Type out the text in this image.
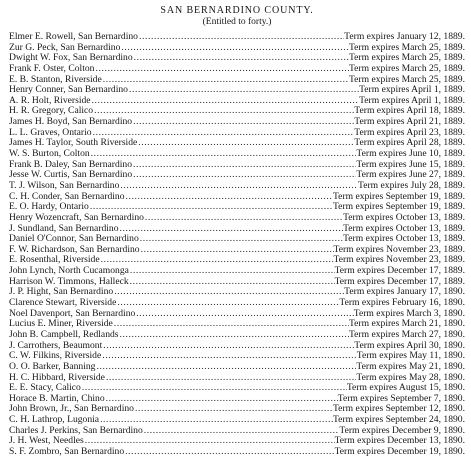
SAN BERNARDINO COUNTY.
(Entitled to forty.)
Elmer E. Rowell, San Bernardino .....	Term expires January 12, 1889.
Zur G. Peck, San Bernardino .....	Term expires March 25, 1889.
Dwight W. Fox, San Bernardino .....	Term expires March 25, 1889.
Frank F. Oster, Colton .....	Term expires March 25, 1889.
E. B. Stanton, Riverside .....	Term expires March 25, 1889.
Henry Conner, San Bernardino .....	Term expires April 1, 1889.
A. R. Holt, Riverside .....	Term expires April 1, 1889.
H. R. Gregory, Calico .....	Term expires April 18, 1889.
James H. Boyd, San Bernardino .....	Term expires April 21, 1889.
L. L. Graves, Ontario .....	Term expires April 23, 1889.
James H. Taylor, South Riverside .....	Term expires April 28, 1889.
W. S. Burton, Colton .....	Term expires June 10, 1889.
Frank B. Daley, San Bernardino .....	Term expires June 15, 1889.
Jesse W. Curtis, San Bernardino .....	Term expires June 27, 1889.
T. J. Wilson, San Bernardino .....	Term expires July 28, 1889.
C. H. Conder, San Bernardino .....	Term expires September 19, 1889.
E. O. Hardy, Ontario .....	Term expires September 19, 1889.
Henry Wozencraft, San Bernardino .....	Term expires October 13, 1889.
J. Sundland, San Bernardino .....	Term expires October 13, 1889.
Daniel O'Connor, San Bernardino .....	Term expires October 13, 1889.
F. W. Richardson, San Bernardino .....	Term expires November 23, 1889.
E. Rosenthal, Riverside .....	Term expires November 23, 1889.
John Lynch, North Cucamonga .....	Term expires December 17, 1889.
Harrison W. Timmons, Halleck .....	Term expires December 17, 1889.
J. P. Hight, San Bernardino .....	Term expires January 17, 1890.
Clarence Stewart, Riverside .....	Term expires February 16, 1890.
Noel Davenport, San Bernardino .....	Term expires March 3, 1890.
Lucius E. Miner, Riverside .....	Term expires March 21, 1890.
John B. Campbell, Redlands .....	Term expires March 27, 1890.
J. Carrothers, Beaumont .....	Term expires April 30, 1890.
C. W. Filkins, Riverside .....	Term expires May 11, 1890.
O. O. Barker, Banning .....	Term expires May 21, 1890.
H. C. Hibbard, Riverside .....	Term expires May 28, 1890.
E. E. Stacy, Calico .....	Term expires August 15, 1890.
Horace B. Martin, Chino .....	Term expires September 7, 1890.
John Brown, Jr., San Bernardino .....	Term expires September 12, 1890.
C. H. Lathrop, Lugonia .....	Term expires September 24, 1890.
Charles J. Perkins, San Bernardino .....	Term expires December 9, 1890.
J. H. West, Needles .....	Term expires December 13, 1890.
S. F. Zombro, San Bernardino .....	Term expires December 19, 1890.
